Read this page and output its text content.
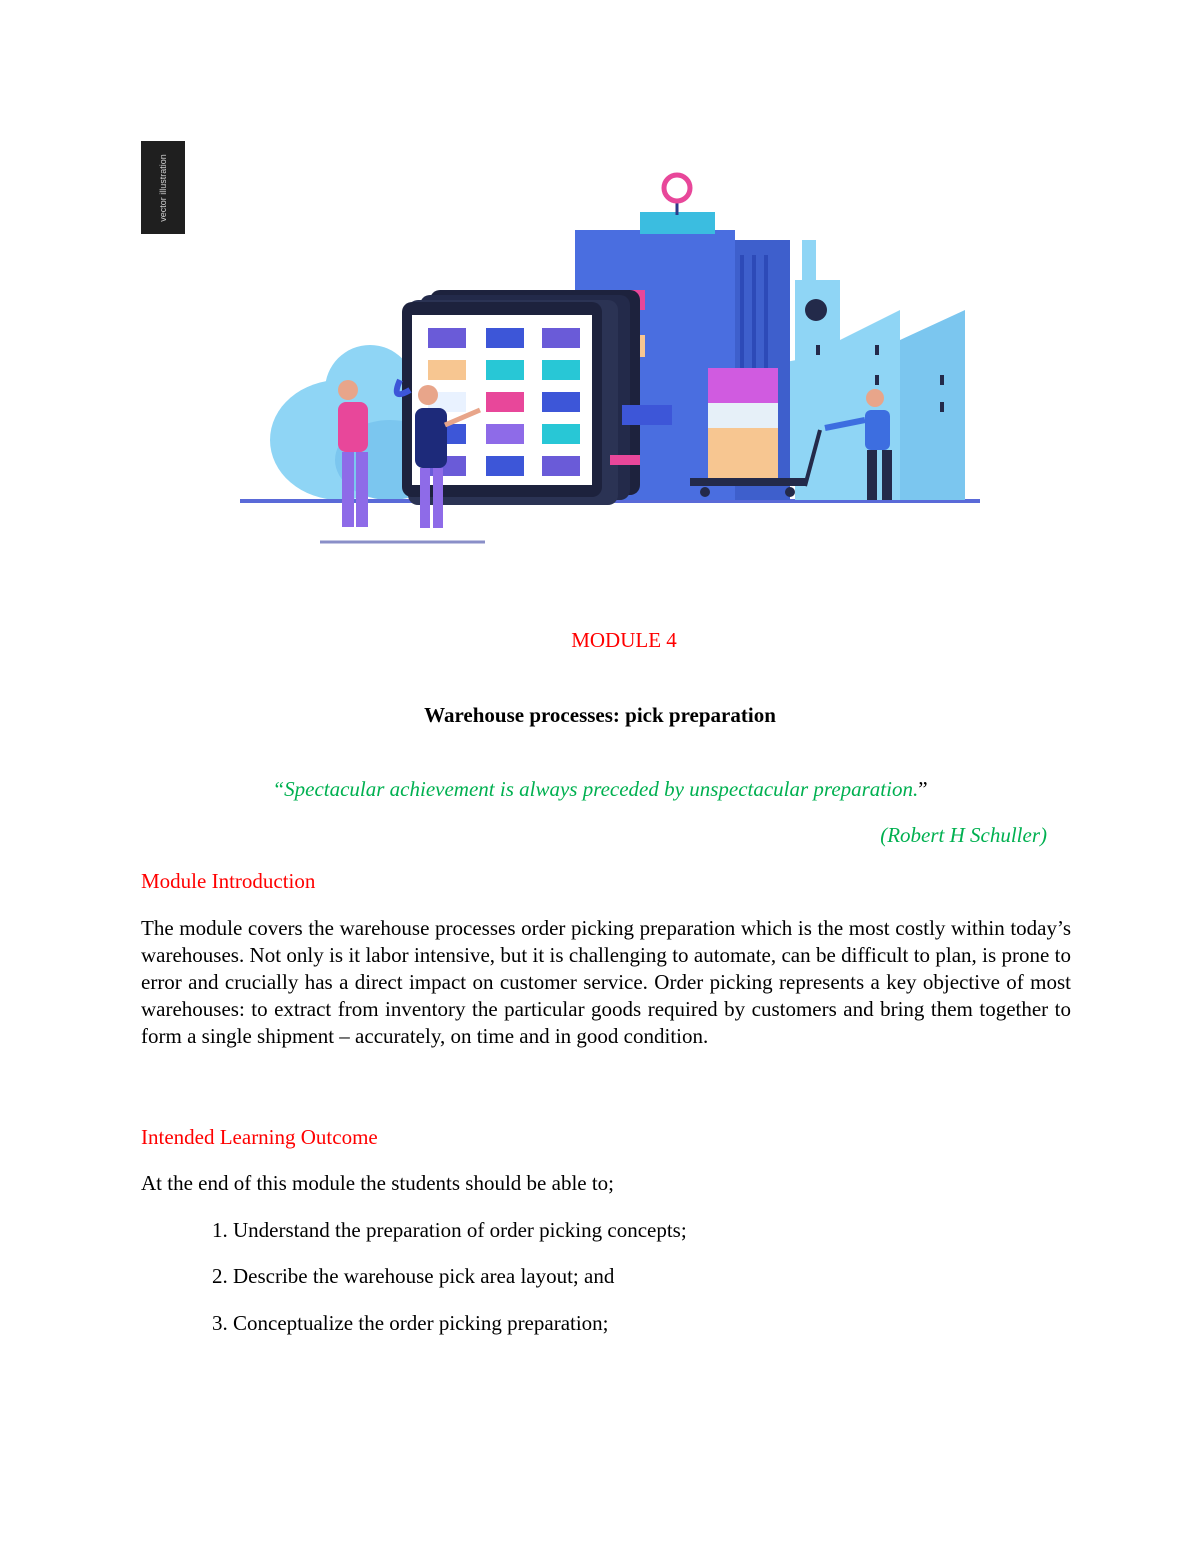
vector illustration

MODULE 4

Warehouse processes: pick preparation

“Spectacular achievement is always preceded by unspectacular preparation.”

(Robert H Schuller)

Module Introduction

The module covers the warehouse processes order picking preparation which is the most costly within today’s warehouses. Not only is it labor intensive, but it is challenging to automate, can be difficult to plan, is prone to error and crucially has a direct impact on customer service. Order picking represents a key objective of most warehouses: to extract from inventory the particular goods required by customers and bring them together to form a single shipment – accurately, on time and in good condition.

Intended Learning Outcome

At the end of this module the students should be able to;

1. Understand the preparation of order picking concepts;

2. Describe the warehouse pick area layout; and

3. Conceptualize the order picking preparation;
